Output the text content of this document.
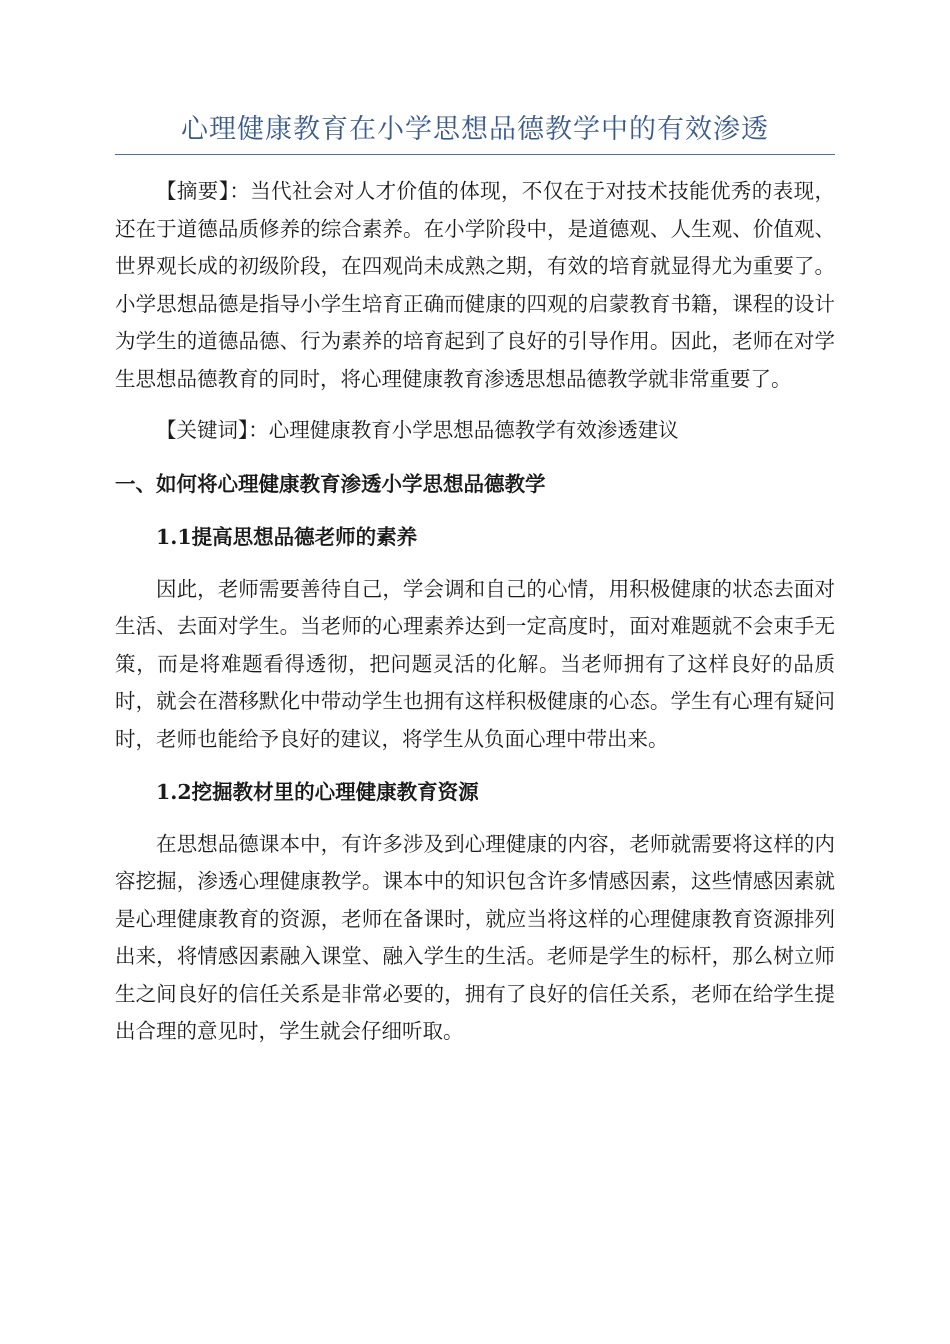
心理健康教育在小学思想品德教学中的有效渗透

【摘要】：当代社会对人才价值的体现，不仅在于对技术技能优秀的表现，还在于道德品质修养的综合素养。在小学阶段中，是道德观、人生观、价值观、世界观长成的初级阶段，在四观尚未成熟之期，有效的培育就显得尤为重要了。小学思想品德是指导小学生培育正确而健康的四观的启蒙教育书籍，课程的设计为学生的道德品德、行为素养的培育起到了良好的引导作用。因此，老师在对学生思想品德教育的同时，将心理健康教育渗透思想品德教学就非常重要了。

【关键词】：心理健康教育小学思想品德教学有效渗透建议

一、如何将心理健康教育渗透小学思想品德教学
1.1提高思想品德老师的素养

因此，老师需要善待自己，学会调和自己的心情，用积极健康的状态去面对生活、去面对学生。当老师的心理素养达到一定高度时，面对难题就不会束手无策，而是将难题看得透彻，把问题灵活的化解。当老师拥有了这样良好的品质时，就会在潜移默化中带动学生也拥有这样积极健康的心态。学生有心理有疑问时，老师也能给予良好的建议，将学生从负面心理中带出来。

1.2挖掘教材里的心理健康教育资源

在思想品德课本中，有许多涉及到心理健康的内容，老师就需要将这样的内容挖掘，渗透心理健康教学。课本中的知识包含许多情感因素，这些情感因素就是心理健康教育的资源，老师在备课时，就应当将这样的心理健康教育资源排列出来，将情感因素融入课堂、融入学生的生活。老师是学生的标杆，那么树立师生之间良好的信任关系是非常必要的，拥有了良好的信任关系，老师在给学生提出合理的意见时，学生就会仔细听取。
